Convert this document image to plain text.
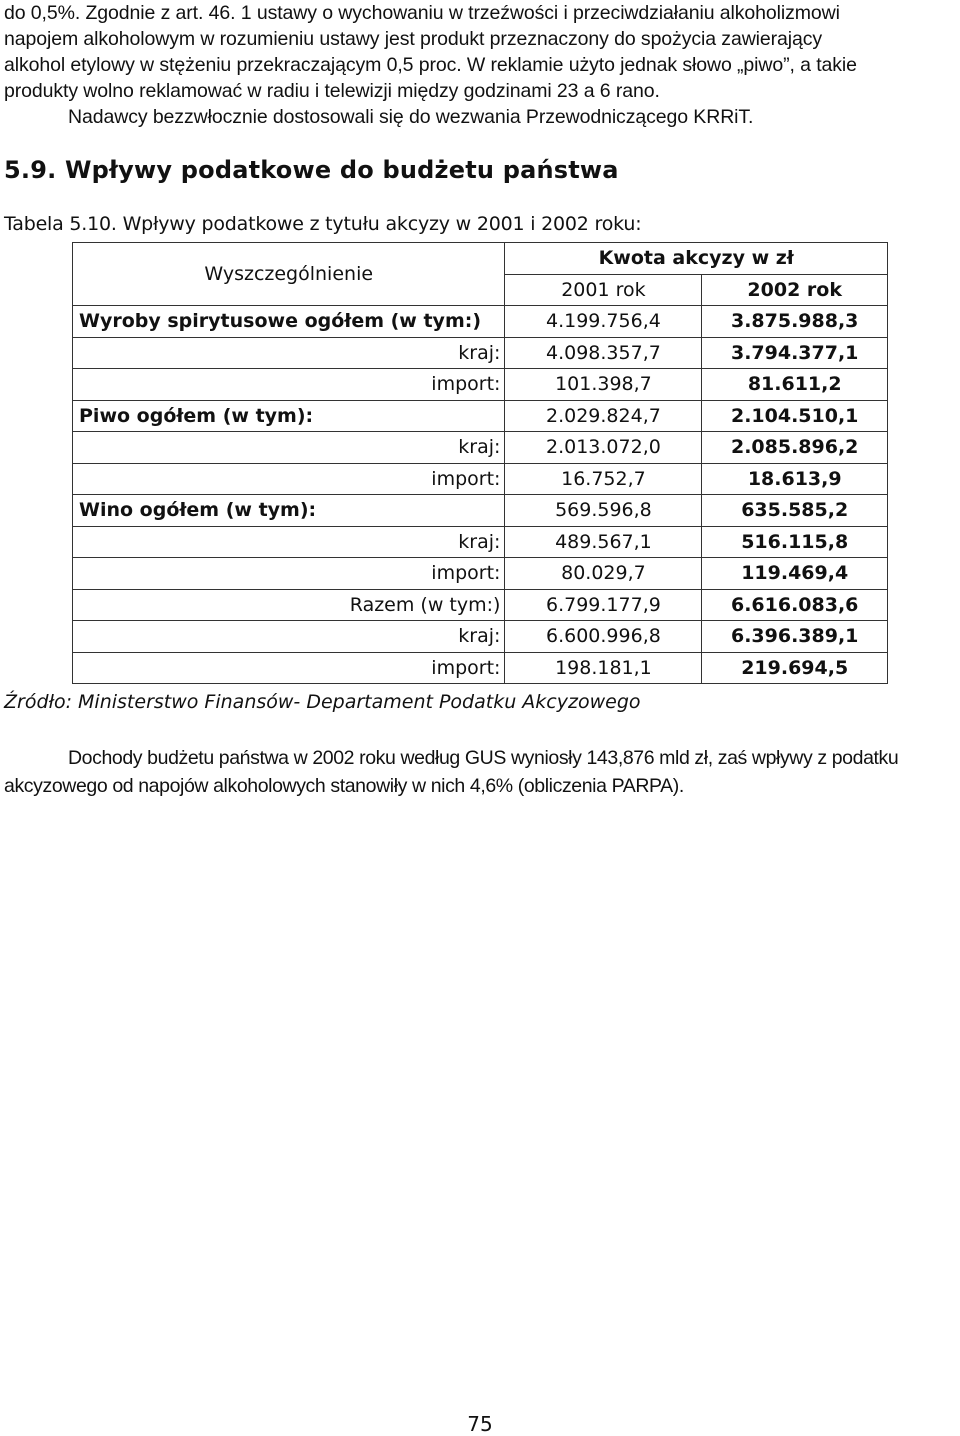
do 0,5%. Zgodnie z art. 46. 1 ustawy o wychowaniu w trzeźwości i przeciwdziałaniu alkoholizmowi
napojem alkoholowym w rozumieniu ustawy jest produkt przeznaczony do spożycia zawierający
alkohol etylowy w stężeniu przekraczającym 0,5 proc. W reklamie użyto jednak słowo „piwo”, a takie
produkty wolno reklamować w radiu i telewizji między godzinami 23 a 6 rano.
Nadawcy bezzwłocznie dostosowali się do wezwania Przewodniczącego KRRiT.
5.9. Wpływy podatkowe do budżetu państwa
Tabela 5.10. Wpływy podatkowe z tytułu akcyzy w 2001 i 2002 roku:
Wyszczególnienie	Kwota akcyzy w zł	
	2001 rok	2002 rok
Wyroby spirytusowe ogółem (w tym:)	4.199.756,4	3.875.988,3
kraj:	4.098.357,7	3.794.377,1
import:	101.398,7	81.611,2
Piwo ogółem (w tym):	2.029.824,7	2.104.510,1
kraj:	2.013.072,0	2.085.896,2
import:	16.752,7	18.613,9
Wino ogółem (w tym):	569.596,8	635.585,2
kraj:	489.567,1	516.115,8
import:	80.029,7	119.469,4
Razem (w tym:)	6.799.177,9	6.616.083,6
kraj:	6.600.996,8	6.396.389,1
import:	198.181,1	219.694,5
Źródło: Ministerstwo Finansów- Departament Podatku Akcyzowego
Dochody budżetu państwa w 2002 roku według GUS wyniosły 143,876 mld zł, zaś wpływy z podatku
akcyzowego od napojów alkoholowych stanowiły w nich 4,6% (obliczenia PARPA).
75
